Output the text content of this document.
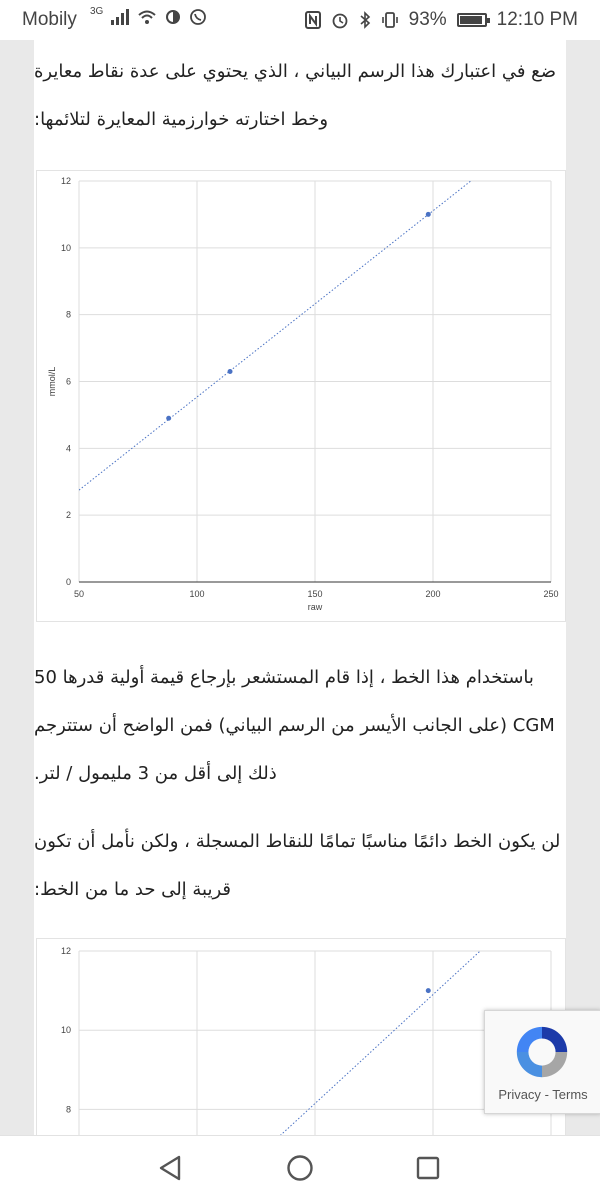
Mobily 3G	93%	12:10 PM

ضع في اعتبارك هذا الرسم البياني ، الذي يحتوي على عدة نقاط معايرة وخط اختارته خوارزمية المعايرة لتلائمها:

0
2
4
6
8
10
12
50	100	150	200	250
raw
mmol/L

باستخدام هذا الخط ، إذا قام المستشعر بإرجاع قيمة أولية قدرها 50 CGM (على الجانب الأيسر من الرسم البياني) فمن الواضح أن ستترجم ذلك إلى أقل من 3 مليمول / لتر.

لن يكون الخط دائمًا مناسبًا تمامًا للنقاط المسجلة ، ولكن نأمل أن تكون قريبة إلى حد ما من الخط:

8
10
12
Privacy - Terms
